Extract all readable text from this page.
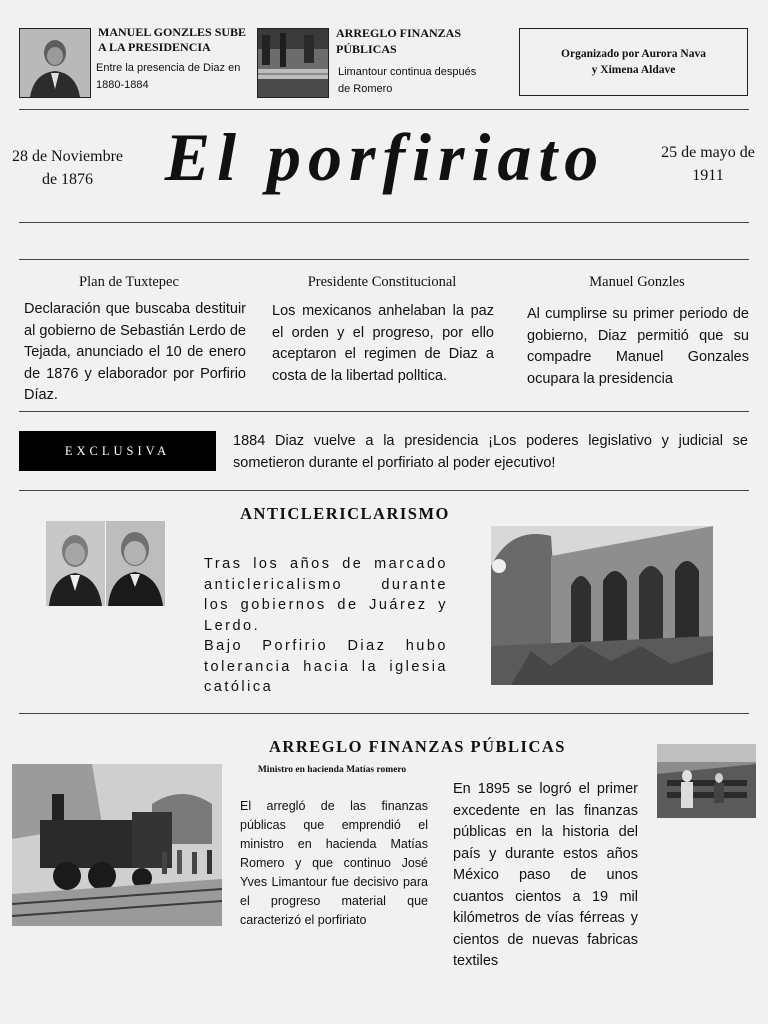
MANUEL GONZLES SUBE A LA PRESIDENCIA
Entre la presencia de Diaz en 1880-1884
ARREGLO FINANZAS PÚBLICAS
Limantour continua después de Romero
Organizado por Aurora Nava y Ximena Aldave
28 de Noviembre de 1876	El porfiriato	25 de mayo de 1911
Plan de Tuxtepec
Declaración que buscaba destituir al gobierno de Sebastián Lerdo de Tejada, anunciado el 10 de enero de 1876 y elaborador por Porfirio Díaz.
Presidente Constitucional
Los mexicanos anhelaban la paz el orden y el progreso, por ello aceptaron el regimen de Diaz a costa de la libertad polltica.
Manuel Gonzles
Al cumplirse su primer periodo de gobierno, Diaz permitió que su compadre Manuel Gonzales ocupara la presidencia
EXCLUSIVA
1884 Diaz vuelve a la presidencia ¡Los poderes legislativo y judicial se sometieron durante el porfiriato al poder ejecutivo!
ANTICLERICLARISMO
Tras los años de marcado anticlericalismo durante los gobiernos de Juárez y Lerdo.
Bajo Porfirio Diaz hubo tolerancia hacia la iglesia católica
ARREGLO FINANZAS PÚBLICAS
Ministro en hacienda Matías romero
El arregló de las finanzas públicas que emprendió el ministro en hacienda Matías Romero y que continuo José Yves Limantour fue decisivo para el progreso material que caracterizó el porfiriato
En 1895 se logró el primer excedente en las finanzas públicas en la historia del país y durante estos años México paso de unos cuantos cientos a 19 mil kilómetros de vías férreas y cientos de nuevas fabricas textiles
